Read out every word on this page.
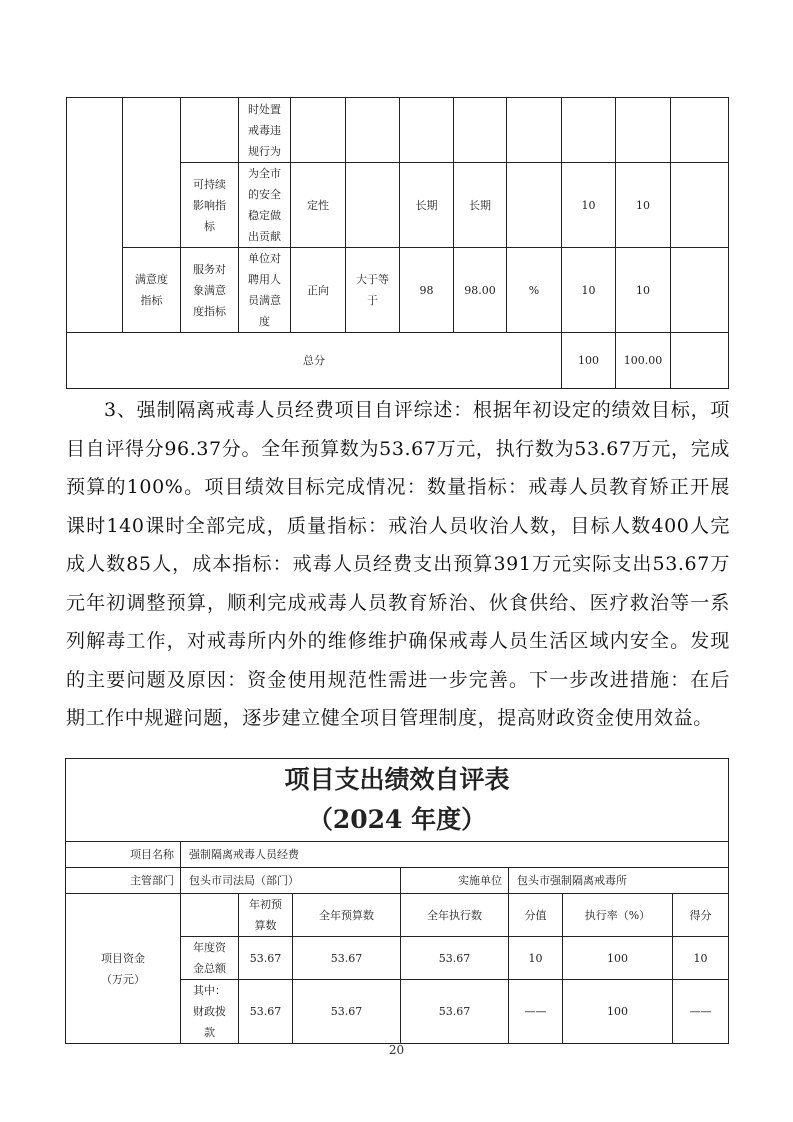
			时处置戒毒违规行为								

		可持续影响指标	为全市的安全稳定做出贡献	定性		长期	长期		10	10	

	满意度指标	服务对象满意度指标	单位对聘用人员满意度	正向	大于等于	98	98.00	%	10	10	
总分									100	100.00	

3、强制隔离戒毒人员经费项目自评综述：根据年初设定的绩效目标，项目自评得分96.37分。全年预算数为53.67万元，执行数为53.67万元，完成预算的100%。项目绩效目标完成情况：数量指标：戒毒人员教育矫正开展课时140课时全部完成，质量指标：戒治人员收治人数，目标人数400人完成人数85人，成本指标：戒毒人员经费支出预算391万元实际支出53.67万元年初调整预算，顺利完成戒毒人员教育矫治、伙食供给、医疗救治等一系列解毒工作，对戒毒所内外的维修维护确保戒毒人员生活区域内安全。发现的主要问题及原因：资金使用规范性需进一步完善。下一步改进措施：在后期工作中规避问题，逐步建立健全项目管理制度，提高财政资金使用效益。

项目支出绩效自评表
（2024 年度）							

项目名称	强制隔离戒毒人员经费						
主管部门	包头市司法局（部门）			实施单位	包头市强制隔离戒毒所		

项目资金（万元）		年初预算数	全年预算数	全年执行数	分值	执行率（%）	得分

	年度资金总额	53.67	53.67	53.67	10	100	10

	其中：财政拨款	53.67	53.67	53.67	——	100	——
20
